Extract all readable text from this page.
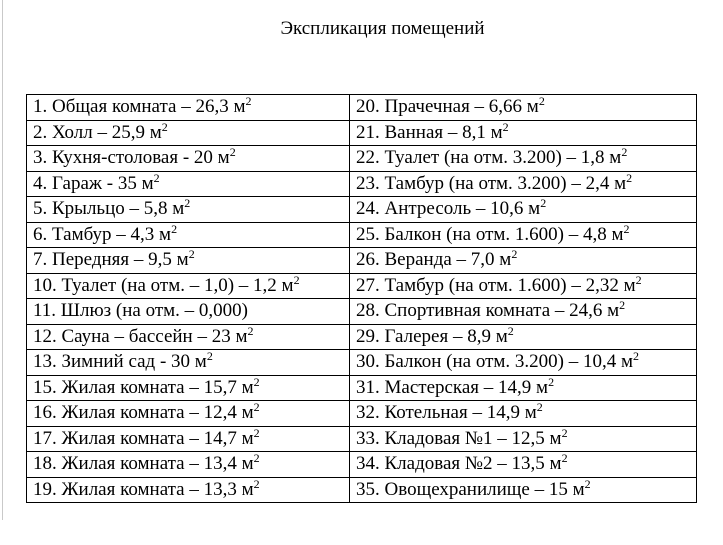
Экспликация помещений
1. Общая комната – 26,3 $м^2$	20. Прачечная – 6,66 $м^2$
2. Холл – 25,9 $м^2$	21. Ванная – 8,1 $м^2$
3. Кухня-столовая - 20 $м^2$	22. Туалет (на отм. 3.200) – 1,8 $м^2$
4. Гараж - 35 $м^2$	23. Тамбур (на отм. 3.200) – 2,4 $м^2$
5. Крыльцо – 5,8 $м^2$	24. Антресоль – 10,6 $м^2$
6. Тамбур – 4,3 $м^2$	25. Балкон (на отм. 1.600) – 4,8 $м^2$
7. Передняя – 9,5 $м^2$	26. Веранда – 7,0 $м^2$
10. Туалет (на отм. – 1,0) – 1,2 $м^2$	27. Тамбур (на отм. 1.600) – 2,32 $м^2$
11. Шлюз (на отм. – 0,000)	28. Спортивная комната – 24,6 $м^2$
12. Сауна – бассейн – 23 $м^2$	29. Галерея – 8,9 $м^2$
13. Зимний сад - 30 $м^2$	30. Балкон (на отм. 3.200) – 10,4 $м^2$
15. Жилая комната – 15,7 $м^2$	31. Мастерская – 14,9 $м^2$
16. Жилая комната – 12,4 $м^2$	32. Котельная – 14,9 $м^2$
17. Жилая комната – 14,7 $м^2$	33. Кладовая №1 – 12,5 $м^2$
18. Жилая комната – 13,4 $м^2$	34. Кладовая №2 – 13,5 $м^2$
19. Жилая комната – 13,3 $м^2$	35. Овощехранилище – 15 $м^2$
